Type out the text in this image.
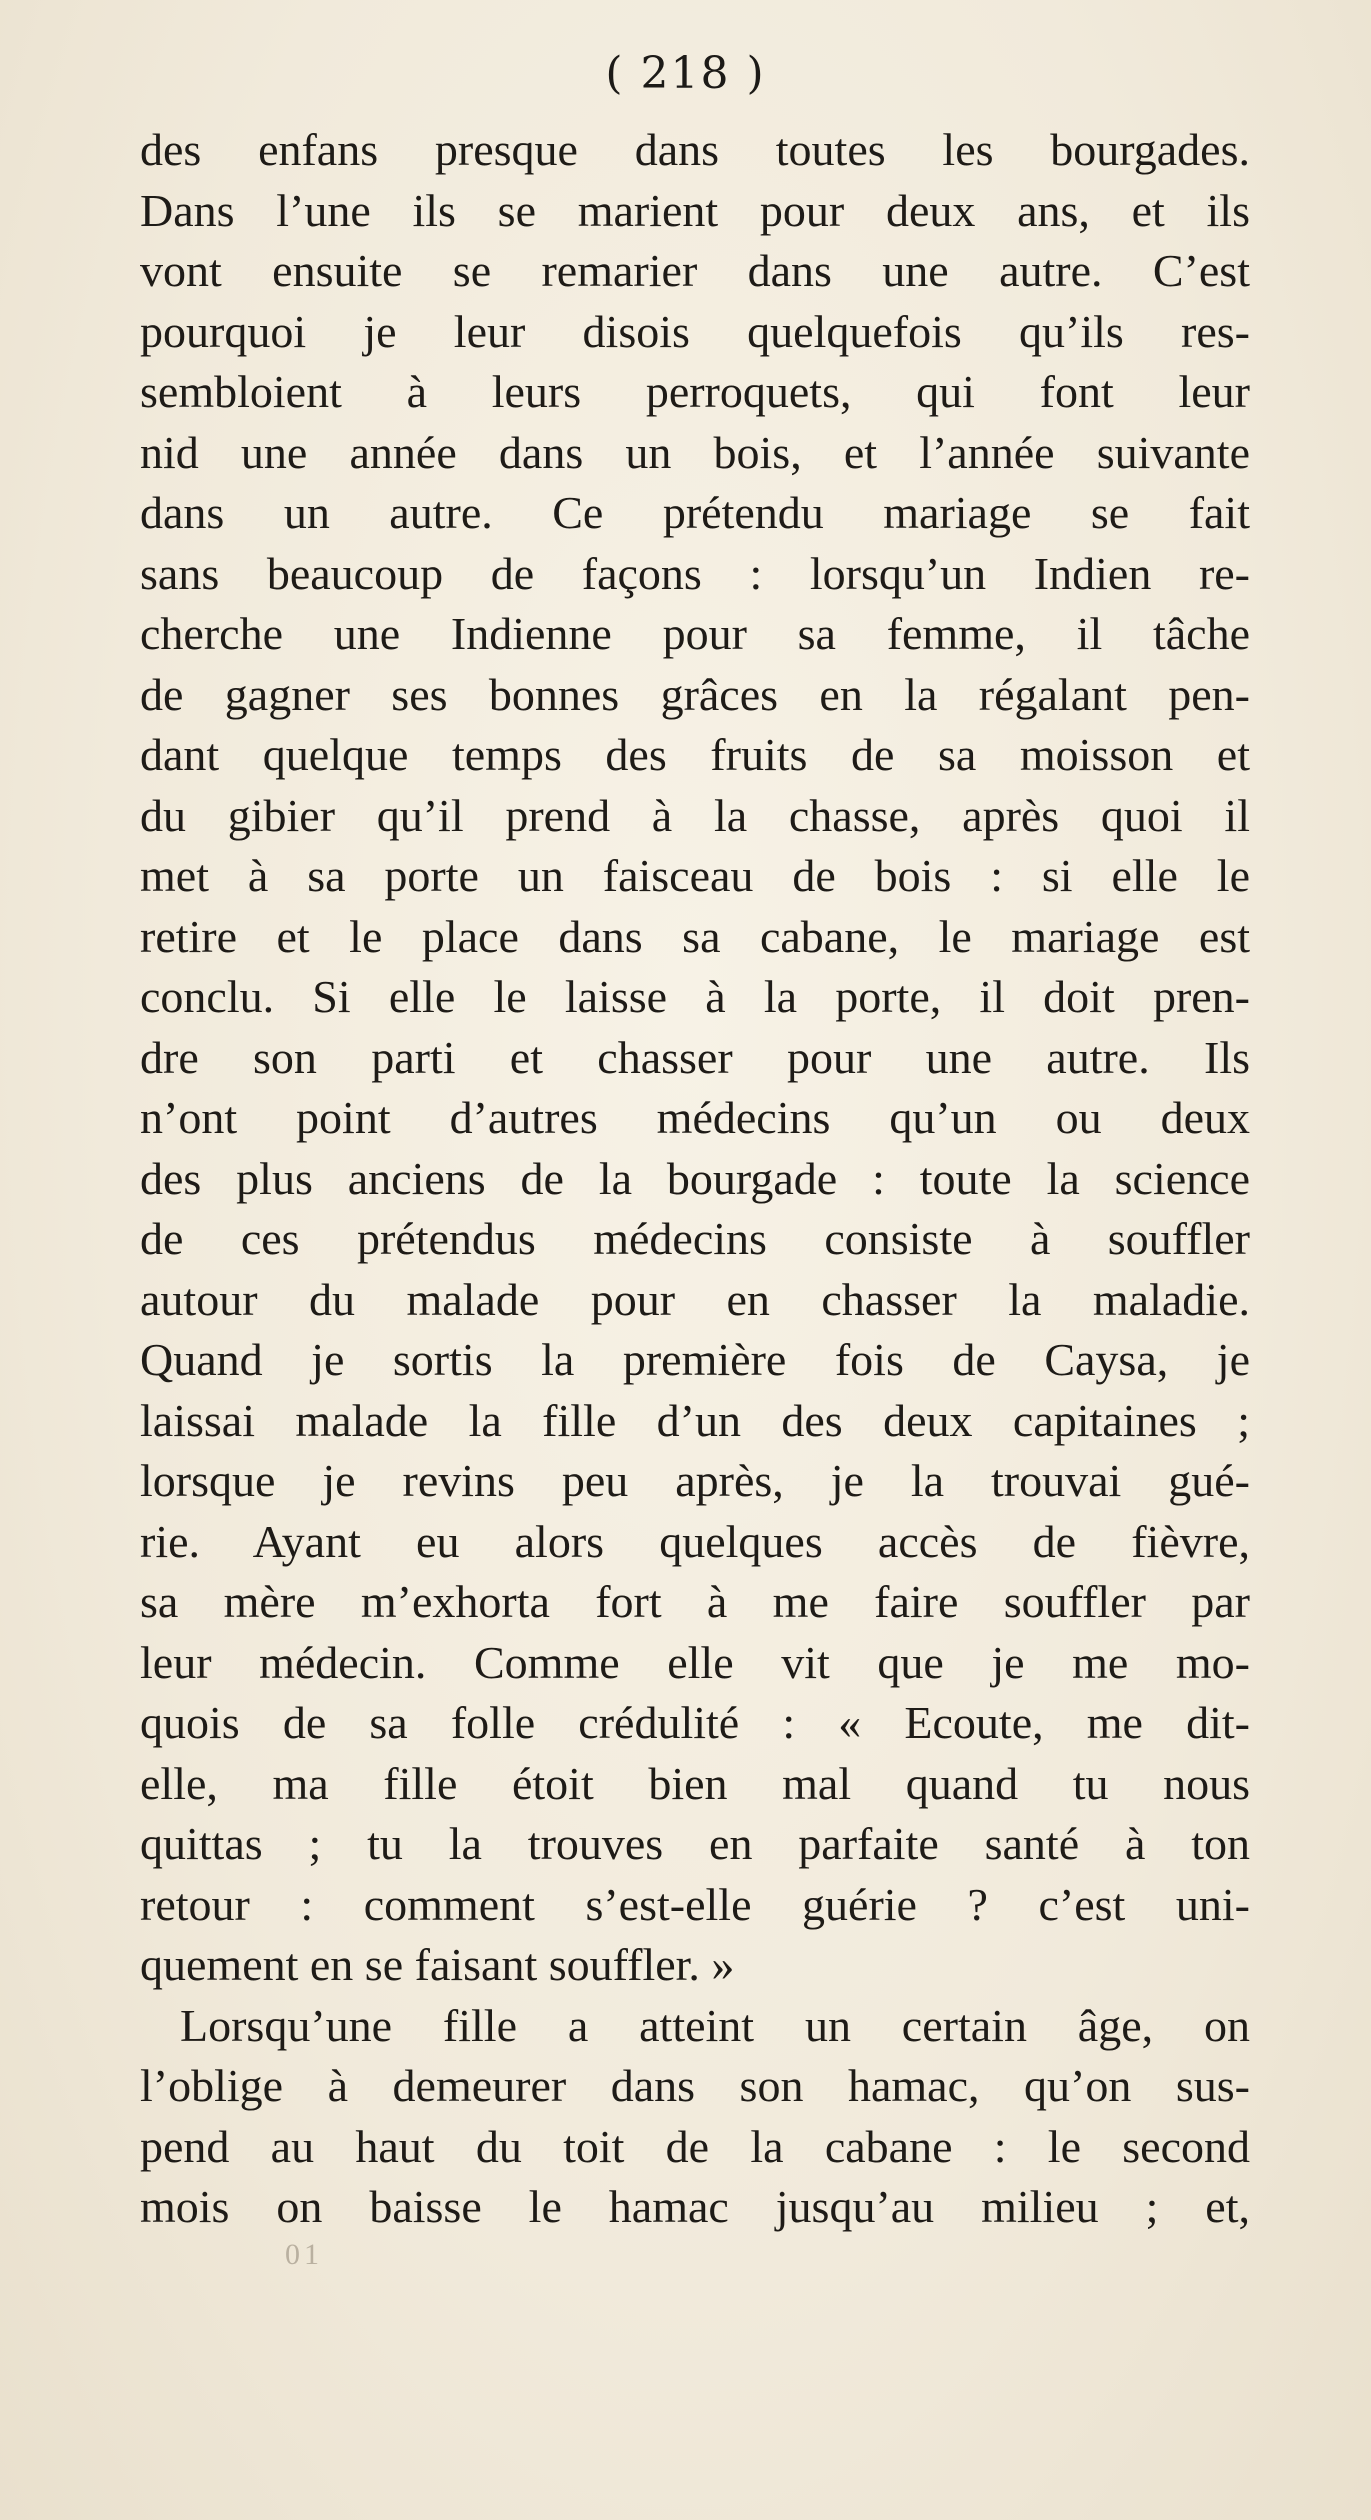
( 218 )
des enfans presque dans toutes les bourgades.
Dans l’une ils se marient pour deux ans, et ils
vont ensuite se remarier dans une autre. C’est
pourquoi je leur disois quelquefois qu’ils res-
sembloient à leurs perroquets, qui font leur
nid une année dans un bois, et l’année suivante
dans un autre. Ce prétendu mariage se fait
sans beaucoup de façons : lorsqu’un Indien re-
cherche une Indienne pour sa femme, il tâche
de gagner ses bonnes grâces en la régalant pen-
dant quelque temps des fruits de sa moisson et
du gibier qu’il prend à la chasse, après quoi il
met à sa porte un faisceau de bois : si elle le
retire et le place dans sa cabane, le mariage est
conclu. Si elle le laisse à la porte, il doit pren-
dre son parti et chasser pour une autre. Ils
n’ont point d’autres médecins qu’un ou deux
des plus anciens de la bourgade : toute la science
de ces prétendus médecins consiste à souffler
autour du malade pour en chasser la maladie.
Quand je sortis la première fois de Caysa, je
laissai malade la fille d’un des deux capitaines ;
lorsque je revins peu après, je la trouvai gué-
rie. Ayant eu alors quelques accès de fièvre,
sa mère m’exhorta fort à me faire souffler par
leur médecin. Comme elle vit que je me mo-
quois de sa folle crédulité : « Ecoute, me dit-
elle, ma fille étoit bien mal quand tu nous
quittas ; tu la trouves en parfaite santé à ton
retour : comment s’est-elle guérie ? c’est uni-
quement en se faisant souffler. »
Lorsqu’une fille a atteint un certain âge, on
l’oblige à demeurer dans son hamac, qu’on sus-
pend au haut du toit de la cabane : le second
mois on baisse le hamac jusqu’au milieu ; et,
01
